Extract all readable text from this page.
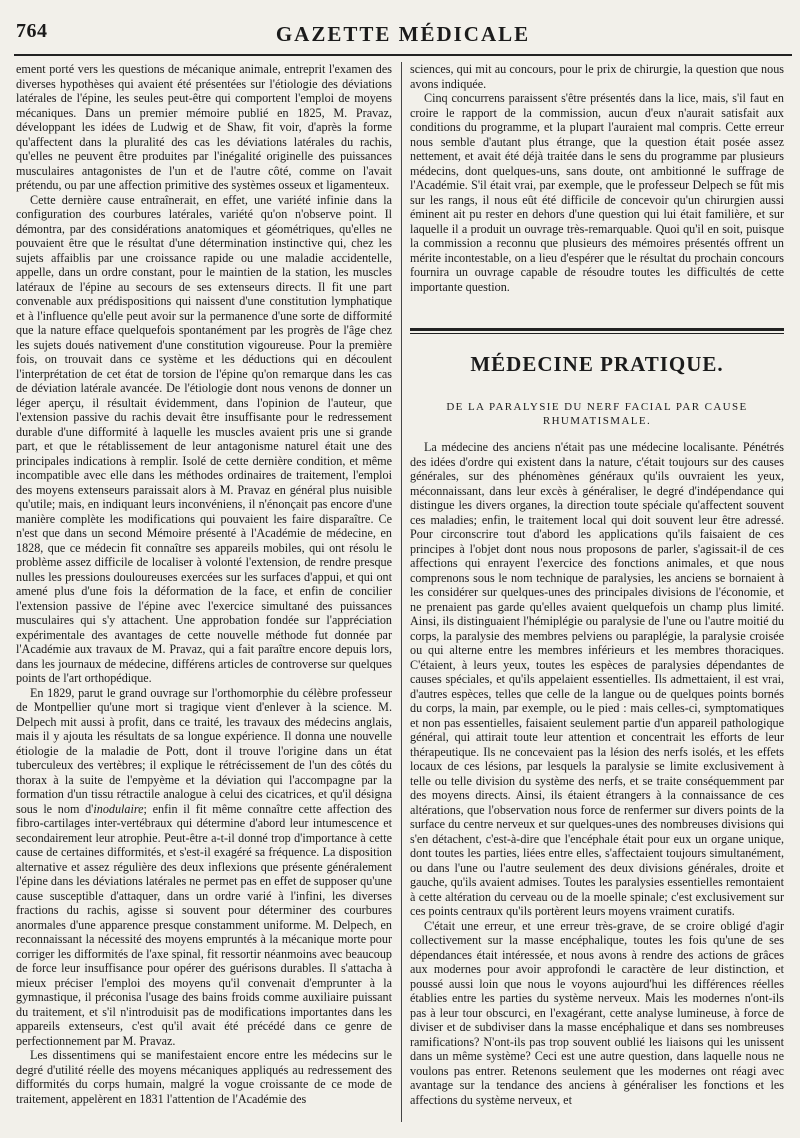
764	GAZETTE MÉDICALE

ement porté vers les questions de mécanique animale, entreprit l'examen des diverses hypothèses qui avaient été présentées sur l'étiologie des déviations latérales de l'épine, les seules peut-être qui comportent l'emploi de moyens mécaniques. Dans un premier mémoire publié en 1825, M. Pravaz, développant les idées de Ludwig et de Shaw, fit voir, d'après la forme qu'affectent dans la pluralité des cas les déviations latérales du rachis, qu'elles ne peuvent être produites par l'inégalité originelle des puissances musculaires antagonistes de l'un et de l'autre côté, comme on l'avait prétendu, ou par une affection primitive des systèmes osseux et ligamenteux.

Cette dernière cause entraînerait, en effet, une variété infinie dans la configuration des courbures latérales, variété qu'on n'observe point. Il démontra, par des considérations anatomiques et géométriques, qu'elles ne pouvaient être que le résultat d'une détermination instinctive qui, chez les sujets affaiblis par une croissance rapide ou une maladie accidentelle, appelle, dans un ordre constant, pour le maintien de la station, les muscles latéraux de l'épine au secours de ses extenseurs directs. Il fit une part convenable aux prédispositions qui naissent d'une constitution lymphatique et à l'influence qu'elle peut avoir sur la permanence d'une sorte de difformité que la nature efface quelquefois spontanément par les progrès de l'âge chez les sujets doués nativement d'une constitution vigoureuse. Pour la première fois, on trouvait dans ce système et les déductions qui en découlent l'interprétation de cet état de torsion de l'épine qu'on remarque dans les cas de déviation latérale avancée. De l'étiologie dont nous venons de donner un léger aperçu, il résultait évidemment, dans l'opinion de l'auteur, que l'extension passive du rachis devait être insuffisante pour le redressement durable d'une difformité à laquelle les muscles avaient pris une si grande part, et que le rétablissement de leur antagonisme naturel était une des principales indications à remplir. Isolé de cette dernière condition, et même incompatible avec elle dans les méthodes ordinaires de traitement, l'emploi des moyens extenseurs paraissait alors à M. Pravaz en général plus nuisible qu'utile; mais, en indiquant leurs inconvéniens, il n'énonçait pas encore d'une manière complète les modifications qui pouvaient les faire disparaître. Ce n'est que dans un second Mémoire présenté à l'Académie de médecine, en 1828, que ce médecin fit connaître ses appareils mobiles, qui ont résolu le problème assez difficile de localiser à volonté l'extension, de rendre presque nulles les pressions douloureuses exercées sur les surfaces d'appui, et qui ont amené plus d'une fois la déformation de la face, et enfin de concilier l'extension passive de l'épine avec l'exercice simultané des puissances musculaires qui s'y attachent. Une approbation fondée sur l'appréciation expérimentale des avantages de cette nouvelle méthode fut donnée par l'Académie aux travaux de M. Pravaz, qui a fait paraître encore depuis lors, dans les journaux de médecine, différens articles de controverse sur quelques points de l'art orthopédique.

En 1829, parut le grand ouvrage sur l'orthomorphie du célèbre professeur de Montpellier qu'une mort si tragique vient d'enlever à la science. M. Delpech mit aussi à profit, dans ce traité, les travaux des médecins anglais, mais il y ajouta les résultats de sa longue expérience. Il donna une nouvelle étiologie de la maladie de Pott, dont il trouve l'origine dans un état tuberculeux des vertèbres; il explique le rétrécissement de l'un des côtés du thorax à la suite de l'empyème et la déviation qui l'accompagne par la formation d'un tissu rétractile analogue à celui des cicatrices, et qu'il désigna sous le nom d'inodulaire; enfin il fit même connaître cette affection des fibro-cartilages inter-vertébraux qui détermine d'abord leur intumescence et secondairement leur atrophie. Peut-être a-t-il donné trop d'importance à cette cause de certaines difformités, et s'est-il exagéré sa fréquence. La disposition alternative et assez régulière des deux inflexions que présente généralement l'épine dans les déviations latérales ne permet pas en effet de supposer qu'une cause susceptible d'attaquer, dans un ordre varié à l'infini, les diverses fractions du rachis, agisse si souvent pour déterminer des courbures anormales d'une apparence presque constamment uniforme. M. Delpech, en reconnaissant la nécessité des moyens empruntés à la mécanique morte pour corriger les difformités de l'axe spinal, fit ressortir néanmoins avec beaucoup de force leur insuffisance pour opérer des guérisons durables. Il s'attacha à mieux préciser l'emploi des moyens qu'il convenait d'emprunter à la gymnastique, il préconisa l'usage des bains froids comme auxiliaire puissant du traitement, et s'il n'introduisit pas de modifications importantes dans les appareils extenseurs, c'est qu'il avait été précédé dans ce genre de perfectionnement par M. Pravaz.

Les dissentimens qui se manifestaient encore entre les médecins sur le degré d'utilité réelle des moyens mécaniques appliqués au redressement des difformités du corps humain, malgré la vogue croissante de ce mode de traitement, appelèrent en 1831 l'attention de l'Académie des

sciences, qui mit au concours, pour le prix de chirurgie, la question que nous avons indiquée.

Cinq concurrens paraissent s'être présentés dans la lice, mais, s'il faut en croire le rapport de la commission, aucun d'eux n'aurait satisfait aux conditions du programme, et la plupart l'auraient mal compris. Cette erreur nous semble d'autant plus étrange, que la question était posée assez nettement, et avait été déjà traitée dans le sens du programme par plusieurs médecins, dont quelques-uns, sans doute, ont ambitionné le suffrage de l'Académie. S'il était vrai, par exemple, que le professeur Delpech se fût mis sur les rangs, il nous eût été difficile de concevoir qu'un chirurgien aussi éminent ait pu rester en dehors d'une question qui lui était familière, et sur laquelle il a produit un ouvrage très-remarquable. Quoi qu'il en soit, puisque la commission a reconnu que plusieurs des mémoires présentés offrent un mérite incontestable, on a lieu d'espérer que le résultat du prochain concours fournira un ouvrage capable de résoudre toutes les difficultés de cette importante question.

MÉDECINE PRATIQUE.
DE LA PARALYSIE DU NERF FACIAL PAR CAUSE RHUMATISMALE.

La médecine des anciens n'était pas une médecine localisante. Pénétrés des idées d'ordre qui existent dans la nature, c'était toujours sur des causes générales, sur des phénomènes généraux qu'ils ouvraient les yeux, méconnaissant, dans leur excès à généraliser, le degré d'indépendance qui distingue les divers organes, la direction toute spéciale qu'affectent souvent ces maladies; enfin, le traitement local qui doit souvent leur être adressé. Pour circonscrire tout d'abord les applications qu'ils faisaient de ces principes à l'objet dont nous nous proposons de parler, s'agissait-il de ces affections qui enrayent l'exercice des fonctions animales, et que nous comprenons sous le nom technique de paralysies, les anciens se bornaient à les considérer sur quelques-unes des principales divisions de l'économie, et ne prenaient pas garde qu'elles avaient quelquefois un champ plus limité. Ainsi, ils distinguaient l'hémiplégie ou paralysie de l'une ou l'autre moitié du corps, la paralysie des membres pelviens ou paraplégie, la paralysie croisée ou qui alterne entre les membres inférieurs et les membres thoraciques. C'étaient, à leurs yeux, toutes les espèces de paralysies dépendantes de causes spéciales, et qu'ils appelaient essentielles. Ils admettaient, il est vrai, d'autres espèces, telles que celle de la langue ou de quelques points bornés du corps, la main, par exemple, ou le pied : mais celles-ci, symptomatiques et non pas essentielles, faisaient seulement partie d'un appareil pathologique général, qui attirait toute leur attention et concentrait les efforts de leur thérapeutique. Ils ne concevaient pas la lésion des nerfs isolés, et les effets locaux de ces lésions, par lesquels la paralysie se limite exclusivement à telle ou telle division du système des nerfs, et se traite conséquemment par des moyens directs. Ainsi, ils étaient étrangers à la connaissance de ces altérations, que l'observation nous force de renfermer sur divers points de la surface du centre nerveux et sur quelques-unes des nombreuses divisions qui s'en détachent, c'est-à-dire que l'encéphale était pour eux un organe unique, dont toutes les parties, liées entre elles, s'affectaient toujours simultanément, ou dans l'une ou l'autre seulement des deux divisions générales, droite et gauche, qu'ils avaient admises. Toutes les paralysies essentielles remontaient à cette altération du cerveau ou de la moelle spinale; c'est exclusivement sur ces points centraux qu'ils portèrent leurs moyens vraiment curatifs.

C'était une erreur, et une erreur très-grave, de se croire obligé d'agir collectivement sur la masse encéphalique, toutes les fois qu'une de ses dépendances était intéressée, et nous avons à rendre des actions de grâces aux modernes pour avoir approfondi le caractère de leur distinction, et poussé aussi loin que nous le voyons aujourd'hui les différences réelles établies entre les parties du système nerveux. Mais les modernes n'ont-ils pas à leur tour obscurci, en l'exagérant, cette analyse lumineuse, à force de diviser et de subdiviser dans la masse encéphalique et dans ses nombreuses ramifications? N'ont-ils pas trop souvent oublié les liaisons qui les unissent dans un même système? Ceci est une autre question, dans laquelle nous ne voulons pas entrer. Retenons seulement que les modernes ont réagi avec avantage sur la tendance des anciens à généraliser les fonctions et les affections du système nerveux, et
